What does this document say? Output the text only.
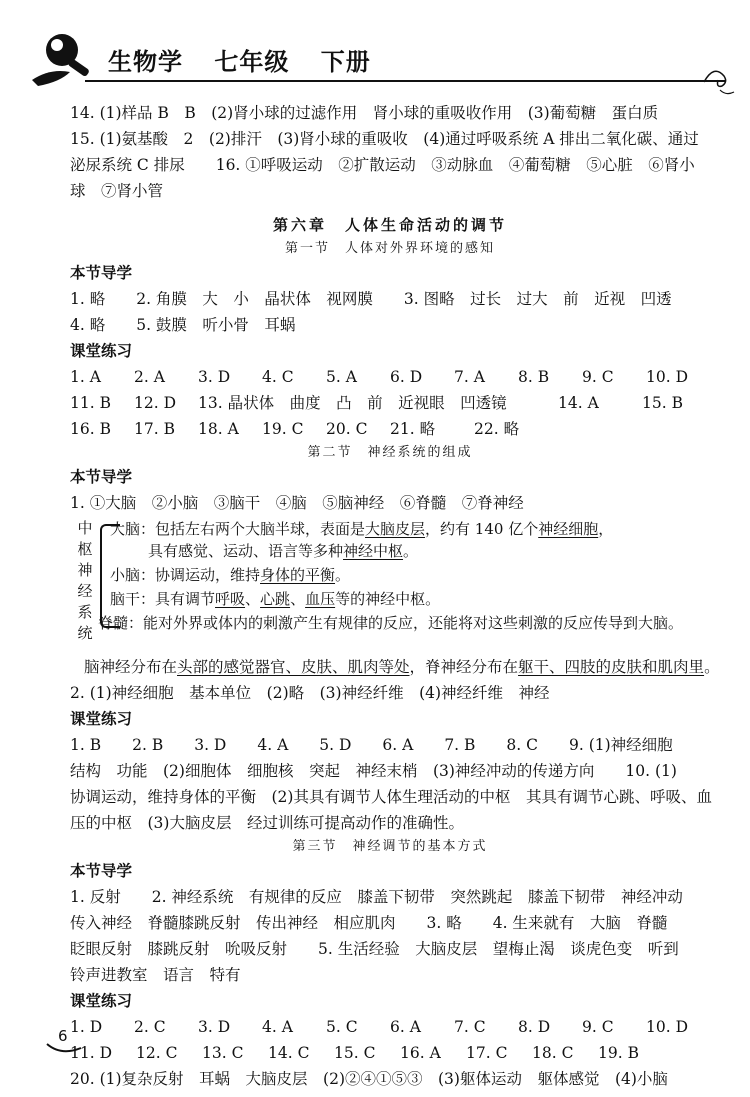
生物学 七年级 下册
14. (1)样品 B　B　(2)肾小球的过滤作用　肾小球的重吸收作用　(3)葡萄糖　蛋白质
15. (1)氨基酸　2　(2)排汗　(3)肾小球的重吸收　(4)通过呼吸系统 A 排出二氧化碳、通过
泌尿系统 C 排尿　　16. ①呼吸运动　②扩散运动　③动脉血　④葡萄糖　⑤心脏　⑥肾小
球　⑦肾小管
第六章　人体生命活动的调节
第一节　人体对外界环境的感知
本节导学
1. 略　　2. 角膜　大　小　晶状体　视网膜　　3. 图略　过长　过大　前　近视　凹透
4. 略　　5. 鼓膜　听小骨　耳蜗
课堂练习
1. A	2. A	3. D	4. C	5. A	6. D	7. A	8. B	9. C	10. D
11. B	12. D	13. 晶状体　曲度　凸　前　近视眼　凹透镜	14. A	15. B
16. B	17. B	18. A	19. C	20. C	21. 略	22. 略
第二节　神经系统的组成
本节导学
1. ①大脑　②小脑　③脑干　④脑　⑤脑神经　⑥脊髓　⑦脊神经
中
枢
神
经
系
统
大脑：包括左右两个大脑半球，表面是大脑皮层，约有 140 亿个神经细胞，
具有感觉、运动、语言等多种神经中枢。
小脑：协调运动，维持身体的平衡。
脑干：具有调节呼吸、心跳、血压等的神经中枢。
脊髓：能对外界或体内的刺激产生有规律的反应，还能将对这些刺激的反应传导到大脑。
脑神经分布在头部的感觉器官、皮肤、肌肉等处，脊神经分布在躯干、四肢的皮肤和肌肉里。
2. (1)神经细胞　基本单位　(2)略　(3)神经纤维　(4)神经纤维　神经
课堂练习
1. B　　2. B　　3. D　　4. A　　5. D　　6. A　　7. B　　8. C　　9. (1)神经细胞
结构　功能　(2)细胞体　细胞核　突起　神经末梢　(3)神经冲动的传递方向　　10. (1)
协调运动，维持身体的平衡　(2)其具有调节人体生理活动的中枢　其具有调节心跳、呼吸、血
压的中枢　(3)大脑皮层　经过训练可提高动作的准确性。
第三节　神经调节的基本方式
本节导学
1. 反射　　2. 神经系统　有规律的反应　膝盖下韧带　突然跳起　膝盖下韧带　神经冲动
传入神经　脊髓膝跳反射　传出神经　相应肌肉　　3. 略　　4. 生来就有　大脑　脊髓
眨眼反射　膝跳反射　吮吸反射　　5. 生活经验　大脑皮层　望梅止渴　谈虎色变　听到
铃声进教室　语言　特有
课堂练习
1. D	2. C	3. D	4. A	5. C	6. A	7. C	8. D	9. C	10. D
11. D	12. C	13. C	14. C	15. C	16. A	17. C	18. C	19. B
20. (1)复杂反射　耳蜗　大脑皮层　(2)②④①⑤③　(3)躯体运动　躯体感觉　(4)小脑
6
